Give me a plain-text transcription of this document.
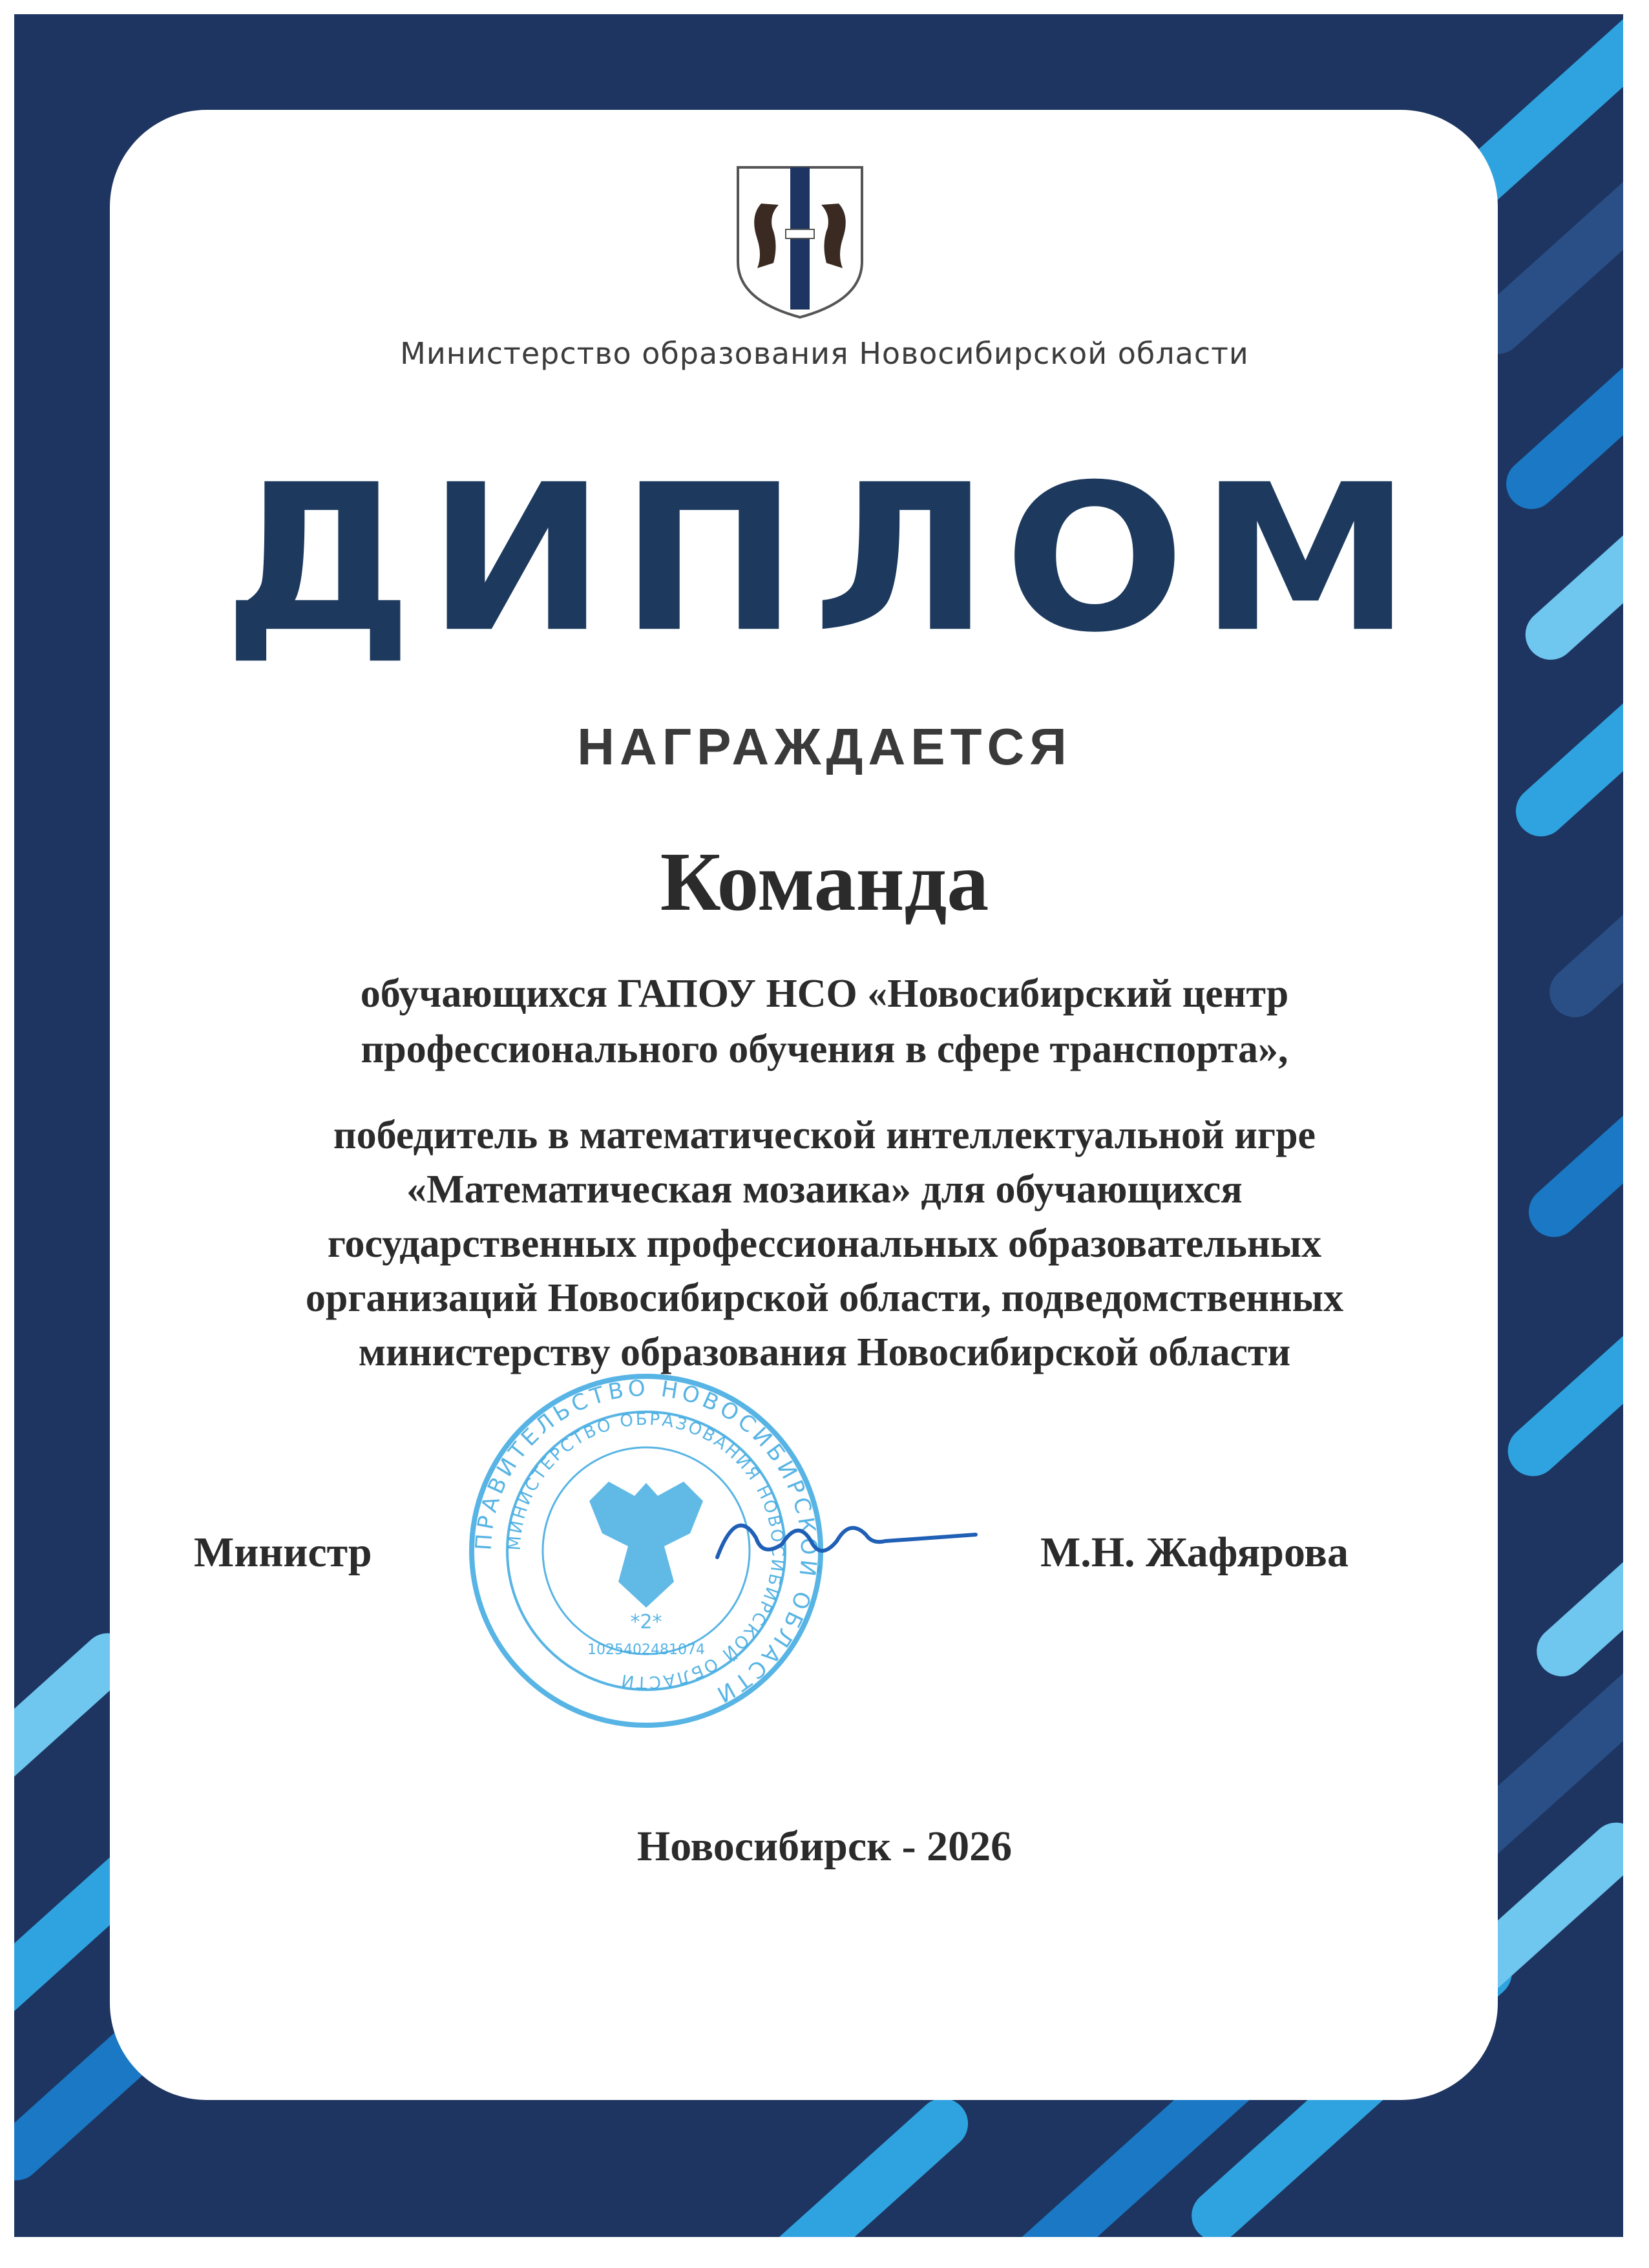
Министерство образования Новосибирской области
ДИПЛОМ
НАГРАЖДАЕТСЯ
Команда
обучающихся ГАПОУ НСО «Новосибирский центр
профессионального обучения в сфере транспорта»,
победитель в математической интеллектуальной игре
«Математическая мозаика» для обучающихся
государственных профессиональных образовательных
организаций Новосибирской области, подведомственных
министерству образования Новосибирской области
ПРАВИТЕЛЬСТВО НОВОСИБИРСКОЙ ОБЛАСТИ
МИНИСТЕРСТВО ОБРАЗОВАНИЯ НОВОСИБИРСКОЙ ОБЛАСТИ
*2*
1025402481074
Министр	М.Н. Жафярова
Новосибирск - 2026
